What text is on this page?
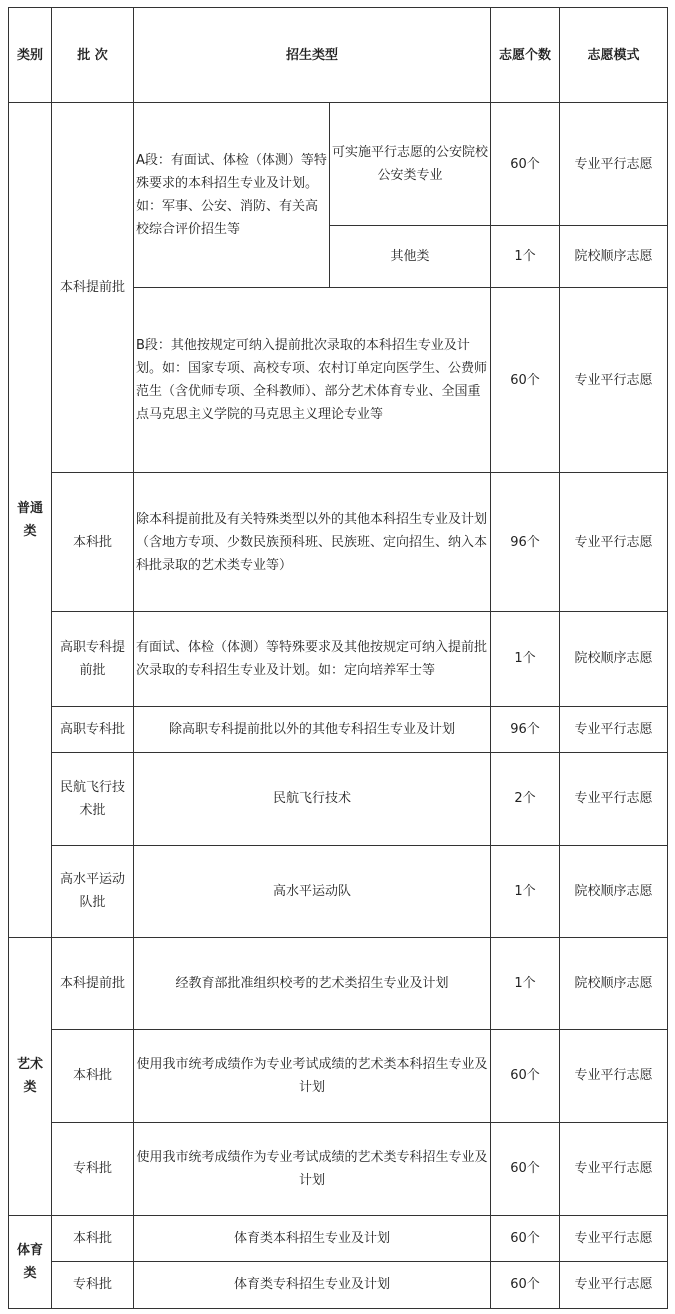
类别	批 次	招生类型		志愿个数	志愿模式
普通类	本科提前批	A段：有面试、体检（体测）等特殊要求的本科招生专业及计划。如：军事、公安、消防、有关高校综合评价招生等	可实施平行志愿的公安院校公安类专业	60个	专业平行志愿
			其他类	1个	院校顺序志愿
		B段：其他按规定可纳入提前批次录取的本科招生专业及计划。如：国家专项、高校专项、农村订单定向医学生、公费师范生（含优师专项、全科教师）、部分艺术体育专业、全国重点马克思主义学院的马克思主义理论专业等		60个	专业平行志愿
	本科批	除本科提前批及有关特殊类型以外的其他本科招生专业及计划（含地方专项、少数民族预科班、民族班、定向招生、纳入本科批录取的艺术类专业等）		96个	专业平行志愿
	高职专科提前批	有面试、体检（体测）等特殊要求及其他按规定可纳入提前批次录取的专科招生专业及计划。如：定向培养军士等		1个	院校顺序志愿
	高职专科批	除高职专科提前批以外的其他专科招生专业及计划		96个	专业平行志愿
	民航飞行技术批	民航飞行技术		2个	专业平行志愿
	高水平运动队批	高水平运动队		1个	院校顺序志愿
艺术类	本科提前批	经教育部批准组织校考的艺术类招生专业及计划		1个	院校顺序志愿
	本科批	使用我市统考成绩作为专业考试成绩的艺术类本科招生专业及计划		60个	专业平行志愿
	专科批	使用我市统考成绩作为专业考试成绩的艺术类专科招生专业及计划		60个	专业平行志愿
体育类	本科批	体育类本科招生专业及计划		60个	专业平行志愿
	专科批	体育类专科招生专业及计划		60个	专业平行志愿
